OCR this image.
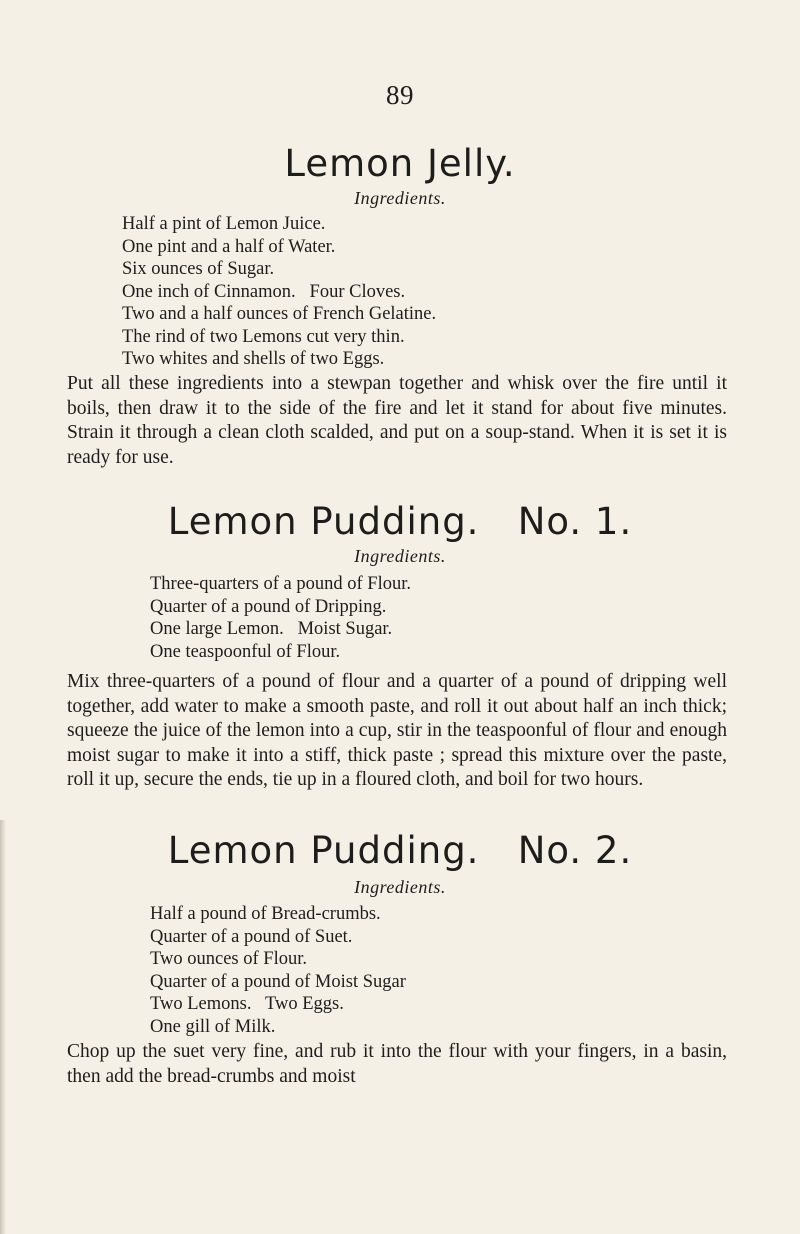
89
Lemon Jelly.
Ingredients.
Half a pint of Lemon Juice.
One pint and a half of Water.
Six ounces of Sugar.
One inch of Cinnamon.   Four Cloves.
Two and a half ounces of French Gelatine.
The rind of two Lemons cut very thin.
Two whites and shells of two Eggs.

Put all these ingredients into a stewpan together and whisk over the fire until it boils, then draw it to the side of the fire and let it stand for about five minutes. Strain it through a clean cloth scalded, and put on a soup-stand. When it is set it is ready for use.

Lemon Pudding.   No. 1.
Ingredients.
Three-quarters of a pound of Flour.
Quarter of a pound of Dripping.
One large Lemon.   Moist Sugar.
One teaspoonful of Flour.

Mix three-quarters of a pound of flour and a quarter of a pound of dripping well together, add water to make a smooth paste, and roll it out about half an inch thick; squeeze the juice of the lemon into a cup, stir in the teaspoonful of flour and enough moist sugar to make it into a stiff, thick paste ; spread this mixture over the paste, roll it up, secure the ends, tie up in a floured cloth, and boil for two hours.

Lemon Pudding.   No. 2.
Ingredients.
Half a pound of Bread-crumbs.
Quarter of a pound of Suet.
Two ounces of Flour.
Quarter of a pound of Moist Sugar
Two Lemons.   Two Eggs.
One gill of Milk.

Chop up the suet very fine, and rub it into the flour with your fingers, in a basin, then add the bread-crumbs and moist
